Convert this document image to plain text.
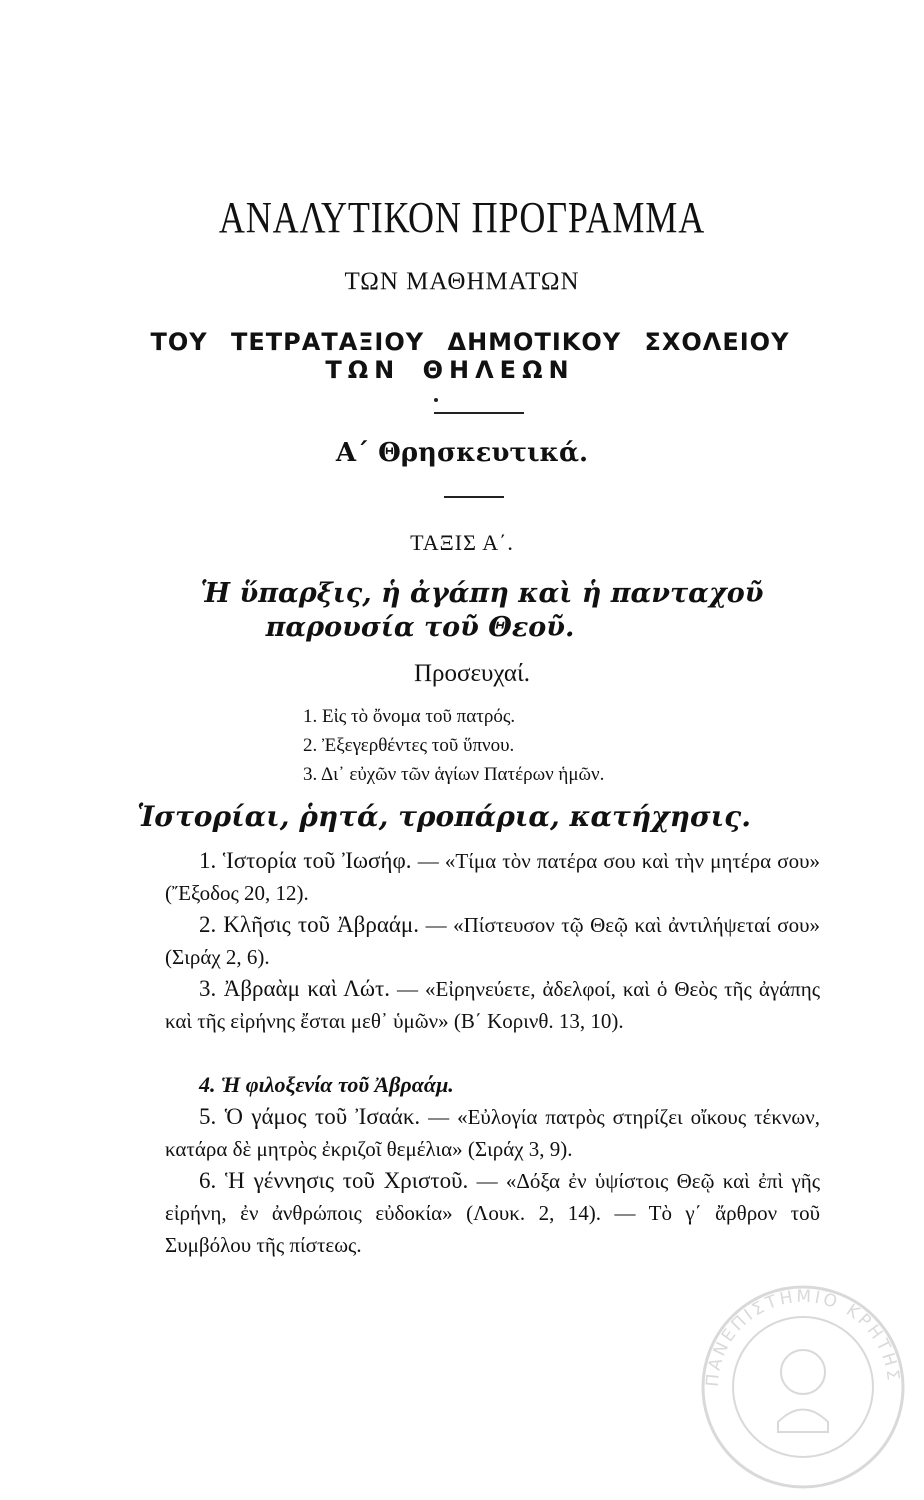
ΑΝΑΛΥΤΙΚΟΝ ΠΡΟΓΡΑΜΜΑ
ΤΩΝ ΜΑΘΗΜΑΤΩΝ
ΤΟΥ ΤΕΤΡΑΤΑΞΙΟΥ ΔΗΜΟΤΙΚΟΥ ΣΧΟΛΕΙΟΥ
ΤΩΝ ΘΗΛΕΩΝ
Α΄ Θρησκευτικά.
ΤΑΞΙΣ Α΄.
Ἡ ὕπαρξις, ἡ ἀγάπη καὶ ἡ πανταχοῦ
παρουσία τοῦ Θεοῦ.
Προσευχαί.
1. Εἰς τὸ ὄνομα τοῦ πατρός.
2. Ἐξεγερθέντες τοῦ ὕπνου.
3. Δι᾽ εὐχῶν τῶν ἁγίων Πατέρων ἡμῶν.
Ἱστορίαι, ῥητά, τροπάρια, κατήχησις.
1. Ἱστορία τοῦ Ἰωσήφ. — «Τίμα τὸν πατέρα σου καὶ τὴν μητέρα σου» (Ἔξοδος 20, 12).
2. Κλῆσις τοῦ Ἀβραάμ. — «Πίστευσον τῷ Θεῷ καὶ ἀντιλήψεταί σου» (Σιράχ 2, 6).
3. Ἀβραὰμ καὶ Λώτ. — «Εἰρηνεύετε, ἀδελφοί, καὶ ὁ Θεὸς τῆς ἀγάπης καὶ τῆς εἰρήνης ἔσται μεθ᾽ ὑμῶν» (Β΄ Κορινθ. 13, 10).
4. Ἡ φιλοξενία τοῦ Ἀβραάμ.
5. Ὁ γάμος τοῦ Ἰσαάκ. — «Εὐλογία πατρὸς στηρίζει οἴκους τέκνων, κατάρα δὲ μητρὸς ἐκριζοῖ θεμέλια» (Σιράχ 3, 9).
6. Ἡ γέννησις τοῦ Χριστοῦ. — «Δόξα ἐν ὑψίστοις Θεῷ καὶ ἐπὶ γῆς εἰρήνη, ἐν ἀνθρώποις εὐδοκία» (Λουκ. 2, 14). — Τὸ γ΄ ἄρθρον τοῦ Συμβόλου τῆς πίστεως.
ΠΑΝΕΠΙΣΤΗΜΙΟ ΚΡΗΤΗΣ
